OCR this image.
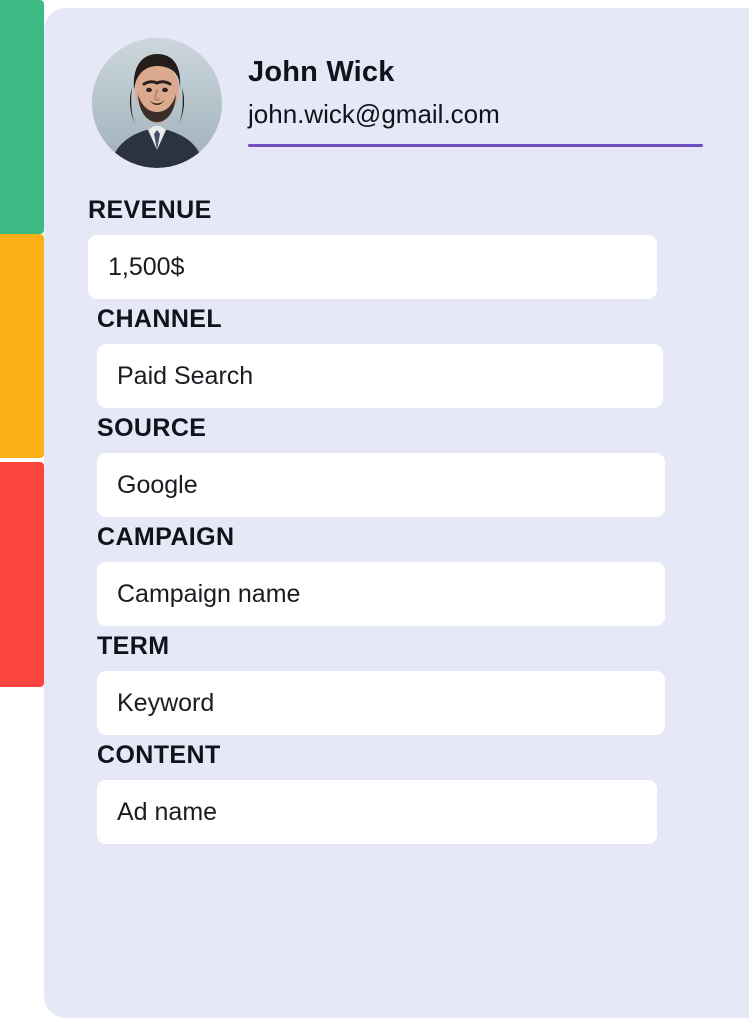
John Wick
john.wick@gmail.com
REVENUE
1,500$
CHANNEL
Paid Search
SOURCE
Google
CAMPAIGN
Campaign name
TERM
Keyword
CONTENT
Ad name
